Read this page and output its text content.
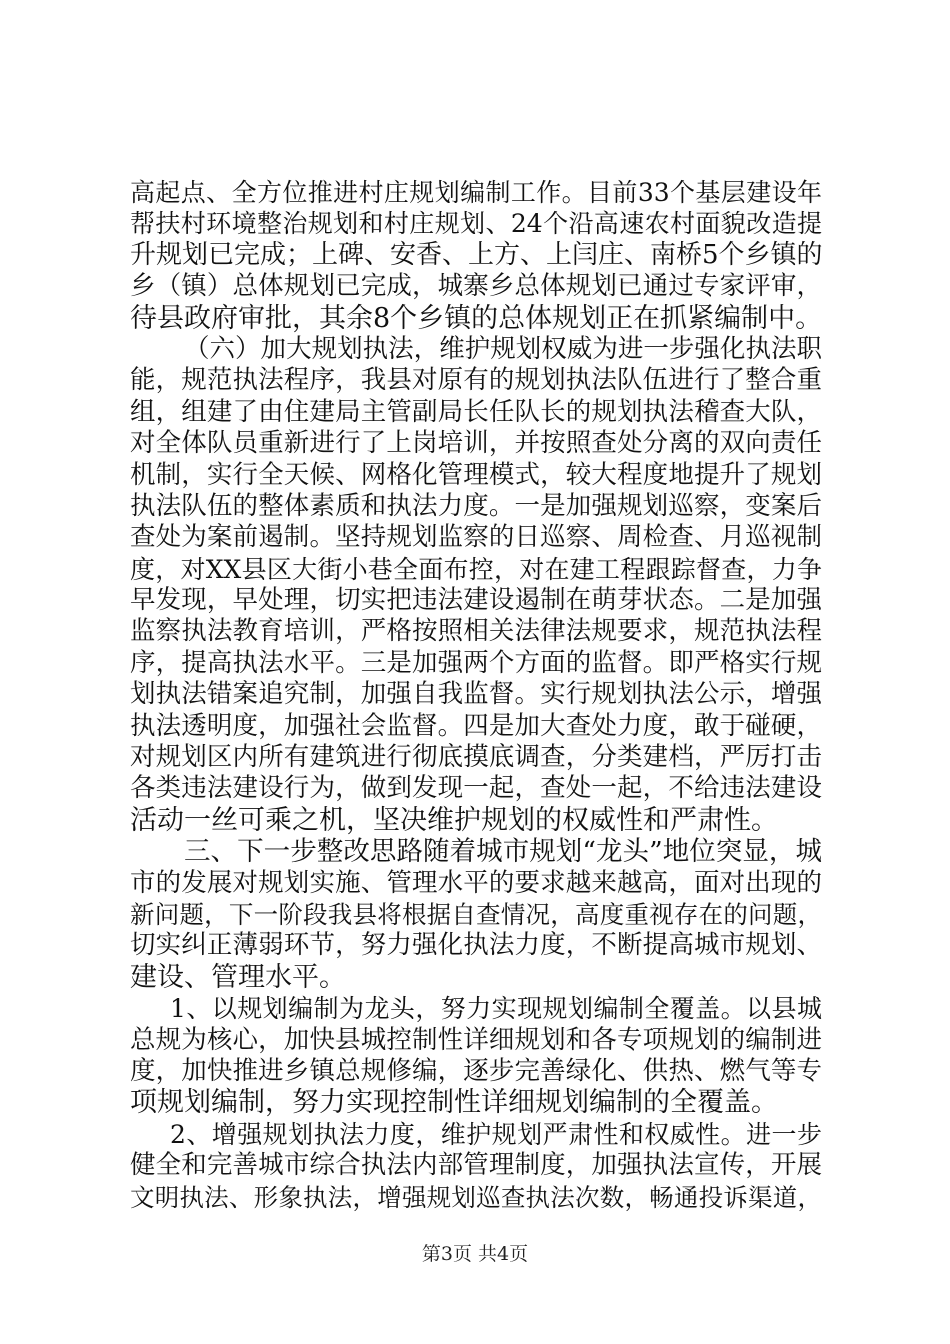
高起点、全方位推进村庄规划编制工作。目前33个基层建设年
帮扶村环境整治规划和村庄规划、24个沿高速农村面貌改造提
升规划已完成；上碑、安香、上方、上闫庄、南桥5个乡镇的
乡（镇）总体规划已完成，城寨乡总体规划已通过专家评审，
待县政府审批，其余8个乡镇的总体规划正在抓紧编制中。
（六）加大规划执法，维护规划权威为进一步强化执法职
能，规范执法程序，我县对原有的规划执法队伍进行了整合重
组，组建了由住建局主管副局长任队长的规划执法稽查大队，
对全体队员重新进行了上岗培训，并按照查处分离的双向责任
机制，实行全天候、网格化管理模式，较大程度地提升了规划
执法队伍的整体素质和执法力度。一是加强规划巡察，变案后
查处为案前遏制。坚持规划监察的日巡察、周检查、月巡视制
度，对XX县区大街小巷全面布控，对在建工程跟踪督查，力争
早发现，早处理，切实把违法建设遏制在萌芽状态。二是加强
监察执法教育培训，严格按照相关法律法规要求，规范执法程
序，提高执法水平。三是加强两个方面的监督。即严格实行规
划执法错案追究制，加强自我监督。实行规划执法公示，增强
执法透明度，加强社会监督。四是加大查处力度，敢于碰硬，
对规划区内所有建筑进行彻底摸底调查，分类建档，严厉打击
各类违法建设行为，做到发现一起，查处一起，不给违法建设
活动一丝可乘之机，坚决维护规划的权威性和严肃性。
三、下一步整改思路随着城市规划“龙头”地位突显，城
市的发展对规划实施、管理水平的要求越来越高，面对出现的
新问题，下一阶段我县将根据自查情况，高度重视存在的问题，
切实纠正薄弱环节，努力强化执法力度，不断提高城市规划、
建设、管理水平。
1、以规划编制为龙头，努力实现规划编制全覆盖。以县城
总规为核心，加快县城控制性详细规划和各专项规划的编制进
度，加快推进乡镇总规修编，逐步完善绿化、供热、燃气等专
项规划编制，努力实现控制性详细规划编制的全覆盖。
2、增强规划执法力度，维护规划严肃性和权威性。进一步
健全和完善城市综合执法内部管理制度，加强执法宣传，开展
文明执法、形象执法，增强规划巡查执法次数，畅通投诉渠道，
第3页 共4页
